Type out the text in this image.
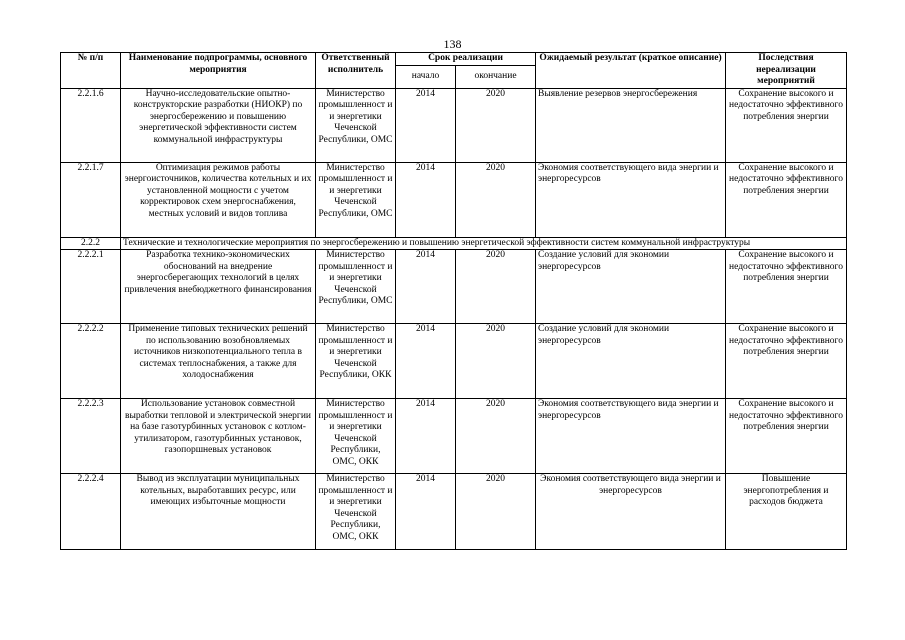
138
№ п/п	Наименование подпрограммы, основного мероприятия	Ответственный исполнитель	Срок реализации		Ожидаемый результат (краткое описание)	Последствия нереализации мероприятий
			начало	окончание		
2.2.1.6	Научно-исследовательские опытно-конструкторские разработки (НИОКР) по энергосбережению и повышению энергетической эффективности систем коммунальной инфраструктуры	Министерство промышленност и и энергетики Чеченской Республики, ОМС	2014	2020	Выявление резервов энергосбережения	Сохранение высокого и недостаточно эффективного потребления энергии
2.2.1.7	Оптимизация режимов работы энергоисточников, количества котельных и их установленной мощности с учетом корректировок схем энергоснабжения, местных условий и видов топлива	Министерство промышленност и и энергетики Чеченской Республики, ОМС	2014	2020	Экономия соответствующего вида энергии и энергоресурсов	Сохранение высокого и недостаточно эффективного потребления энергии
2.2.2	Технические и технологические мероприятия по энергосбережению и повышению энергетической эффективности систем коммунальной инфраструктуры					
2.2.2.1	Разработка технико-экономических обоснований на внедрение энергосберегающих технологий в целях привлечения внебюджетного финансирования	Министерство промышленност и и энергетики Чеченской Республики, ОМС	2014	2020	Создание условий для экономии энергоресурсов	Сохранение высокого и недостаточно эффективного потребления энергии
2.2.2.2	Применение типовых технических решений по использованию возобновляемых источников низкопотенциального тепла в системах теплоснабжения, а также для холодоснабжения	Министерство промышленност и и энергетики Чеченской Республики, ОКК	2014	2020	Создание условий для экономии энергоресурсов	Сохранение высокого и недостаточно эффективного потребления энергии
2.2.2.3	Использование установок совместной выработки тепловой и электрической энергии на базе газотурбинных установок с котлом-утилизатором, газотурбинных установок, газопоршневых установок	Министерство промышленност и и энергетики Чеченской Республики, ОМС, ОКК	2014	2020	Экономия соответствующего вида энергии и энергоресурсов	Сохранение высокого и недостаточно эффективного потребления энергии
2.2.2.4	Вывод из эксплуатации муниципальных котельных, выработавших ресурс, или имеющих избыточные мощности	Министерство промышленност и и энергетики Чеченской Республики, ОМС, ОКК	2014	2020	Экономия соответствующего вида энергии и энергоресурсов	Повышение энергопотребления и расходов бюджета
